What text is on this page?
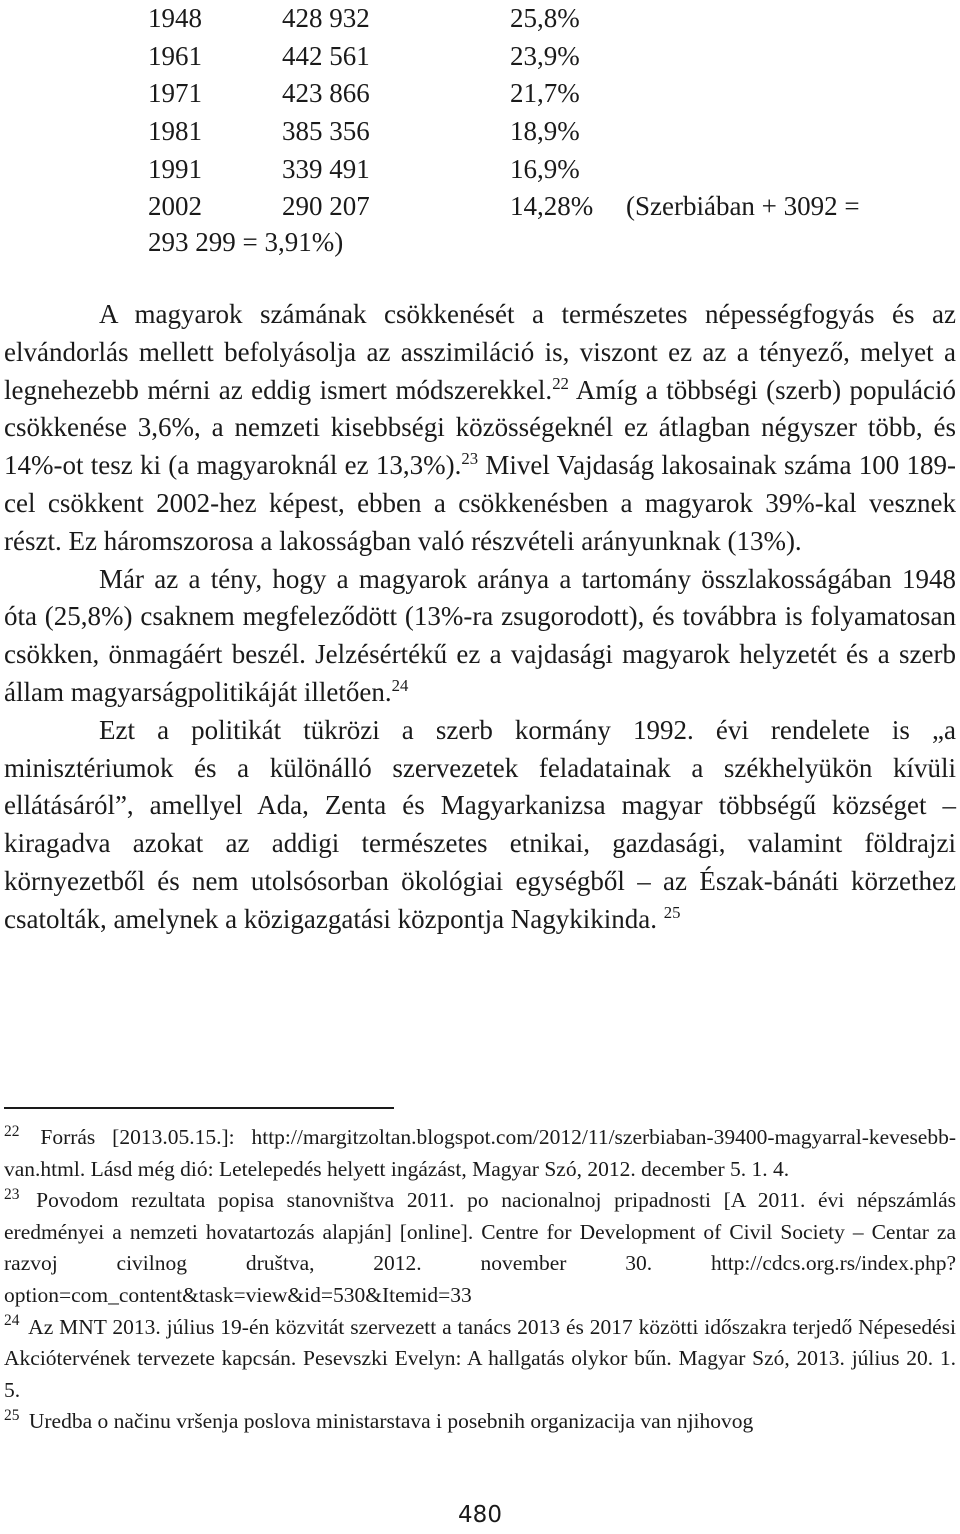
1948	428 932	25,8%
1961	442 561	23,9%
1971	423 866	21,7%
1981	385 356	18,9%
1991	339 491	16,9%
2002	290 207	14,28% (Szerbiában + 3092 =
293 299 = 3,91%)

A magyarok számának csökkenését a természetes népességfogyás és az elvándorlás mellett befolyásolja az asszimiláció is, viszont ez az a tényező, melyet a legnehezebb mérni az eddig ismert módszerekkel.$^{22}$ Amíg a többségi (szerb) populáció csökkenése 3,6%, a nemzeti kisebbségi közösségeknél ez átlagban négyszer több, és 14%-ot tesz ki (a magyaroknál ez 13,3%).$^{23}$ Mivel Vajdaság lakosainak száma 100 189-cel csökkent 2002-hez képest, ebben a csökkenésben a magyarok 39%-kal vesznek részt. Ez háromszorosa a lakosságban való részvételi arányunknak (13%).

Már az a tény, hogy a magyarok aránya a tartomány összlakosságában 1948 óta (25,8%) csaknem megfeleződött (13%-ra zsugorodott), és továbbra is folyamatosan csökken, önmagáért beszél. Jelzésértékű ez a vajdasági magyarok helyzetét és a szerb állam magyarságpolitikáját illetően.$^{24}$

Ezt a politikát tükrözi a szerb kormány 1992. évi rendelete is „a minisztériumok és a különálló szervezetek feladatainak a székhelyükön kívüli ellátásáról”, amellyel Ada, Zenta és Magyarkanizsa magyar többségű községet – kiragadva azokat az addigi természetes etnikai, gazdasági, valamint földrajzi környezetből és nem utolsósorban ökológiai egységből – az Észak-bánáti körzethez csatolták, amelynek a közigazgatási központja Nagykikinda. $^{25}$

$^{22}$ Forrás [2013.05.15.]: http://margitzoltan.blogspot.com/2012/11/szerbiaban-39400-magyarral-kevesebb-van.html. Lásd még dió: Letelepedés helyett ingázást, Magyar Szó, 2012. december 5. 1. 4.

$^{23}$ Povodom rezultata popisa stanovništva 2011. po nacionalnoj pripadnosti [A 2011. évi népszámlás eredményei a nemzeti hovatartozás alapján] [online]. Centre for Development of Civil Society – Centar za razvoj civilnog društva, 2012. november 30. http://cdcs.org.rs/index.php?option=com_content&task=view&id=530&Itemid=33

$^{24}$ Az MNT 2013. július 19-én közvitát szervezett a tanács 2013 és 2017 közötti időszakra terjedő Népesedési Akciótervének tervezete kapcsán. Pesevszki Evelyn: A hallgatás olykor bűn. Magyar Szó, 2013. július 20. 1. 5.

$^{25}$ Uredba o načinu vršenja poslova ministarstava i posebnih organizacija van njihovog

480
